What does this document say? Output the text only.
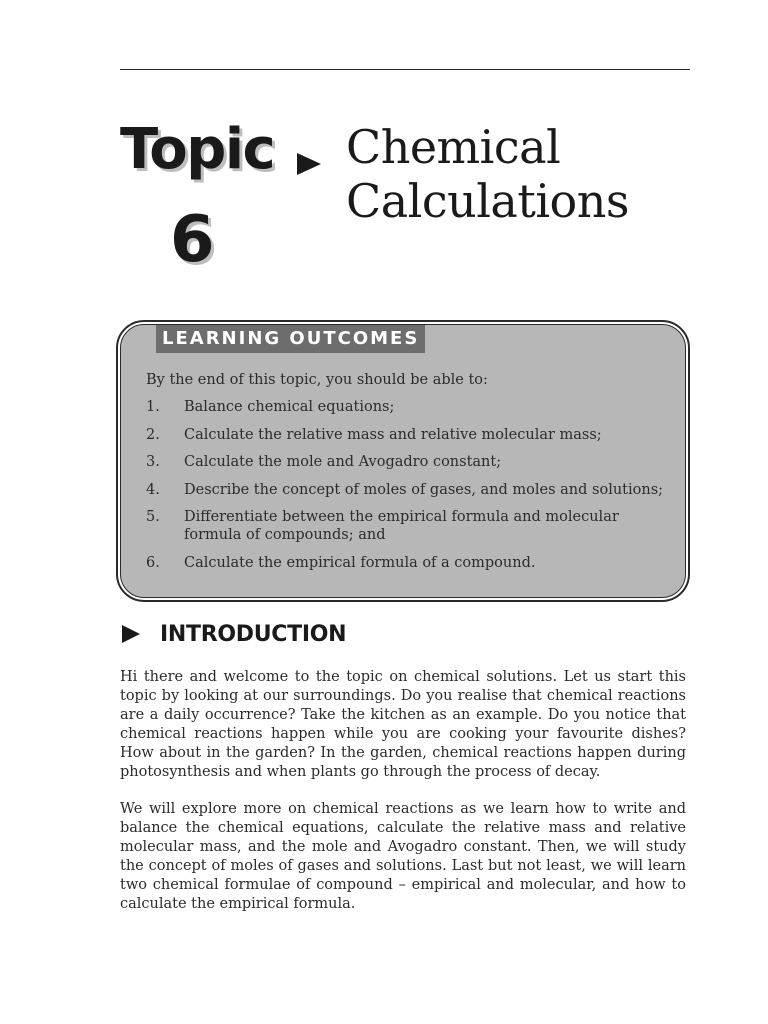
Topic
6
Chemical
Calculations
LEARNING OUTCOMES
By the end of this topic, you should be able to:
1.	Balance chemical equations;
2.	Calculate the relative mass and relative molecular mass;
3.	Calculate the mole and Avogadro constant;
4.	Describe the concept of moles of gases, and moles and solutions;
5.	Differentiate between the empirical formula and molecular formula of compounds; and
6.	Calculate the empirical formula of a compound.
INTRODUCTION

Hi there and welcome to the topic on chemical solutions. Let us start this topic by looking at our surroundings. Do you realise that chemical reactions are a daily occurrence? Take the kitchen as an example. Do you notice that chemical reactions happen while you are cooking your favourite dishes? How about in the garden? In the garden, chemical reactions happen during photosynthesis and when plants go through the process of decay.

We will explore more on chemical reactions as we learn how to write and balance the chemical equations, calculate the relative mass and relative molecular mass, and the mole and Avogadro constant. Then, we will study the concept of moles of gases and solutions. Last but not least, we will learn two chemical formulae of compound – empirical and molecular, and how to calculate the empirical formula.
